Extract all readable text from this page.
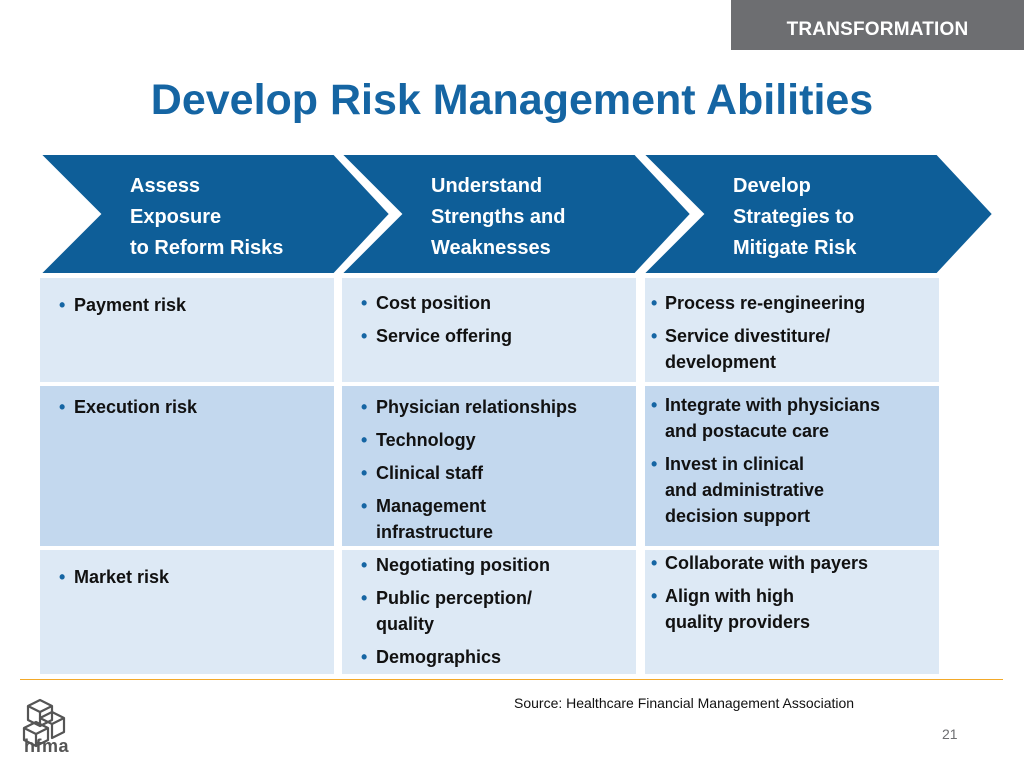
TRANSFORMATION
Develop Risk Management Abilities
Assess
Exposure
to Reform Risks
Understand
Strengths and
Weaknesses
Develop
Strategies to
Mitigate Risk
• Payment risk
• Execution risk
• Market risk
• Cost position
• Service offering
• Physician relationships
• Technology
• Clinical staff
• Management
infrastructure
• Negotiating position
• Public perception/
quality
• Demographics
• Process re-engineering
• Service divestiture/
development
• Integrate with physicians
and postacute care
• Invest in clinical
and administrative
decision support
• Collaborate with payers
• Align with high
quality providers
hfma
Source: Healthcare Financial Management Association
21
